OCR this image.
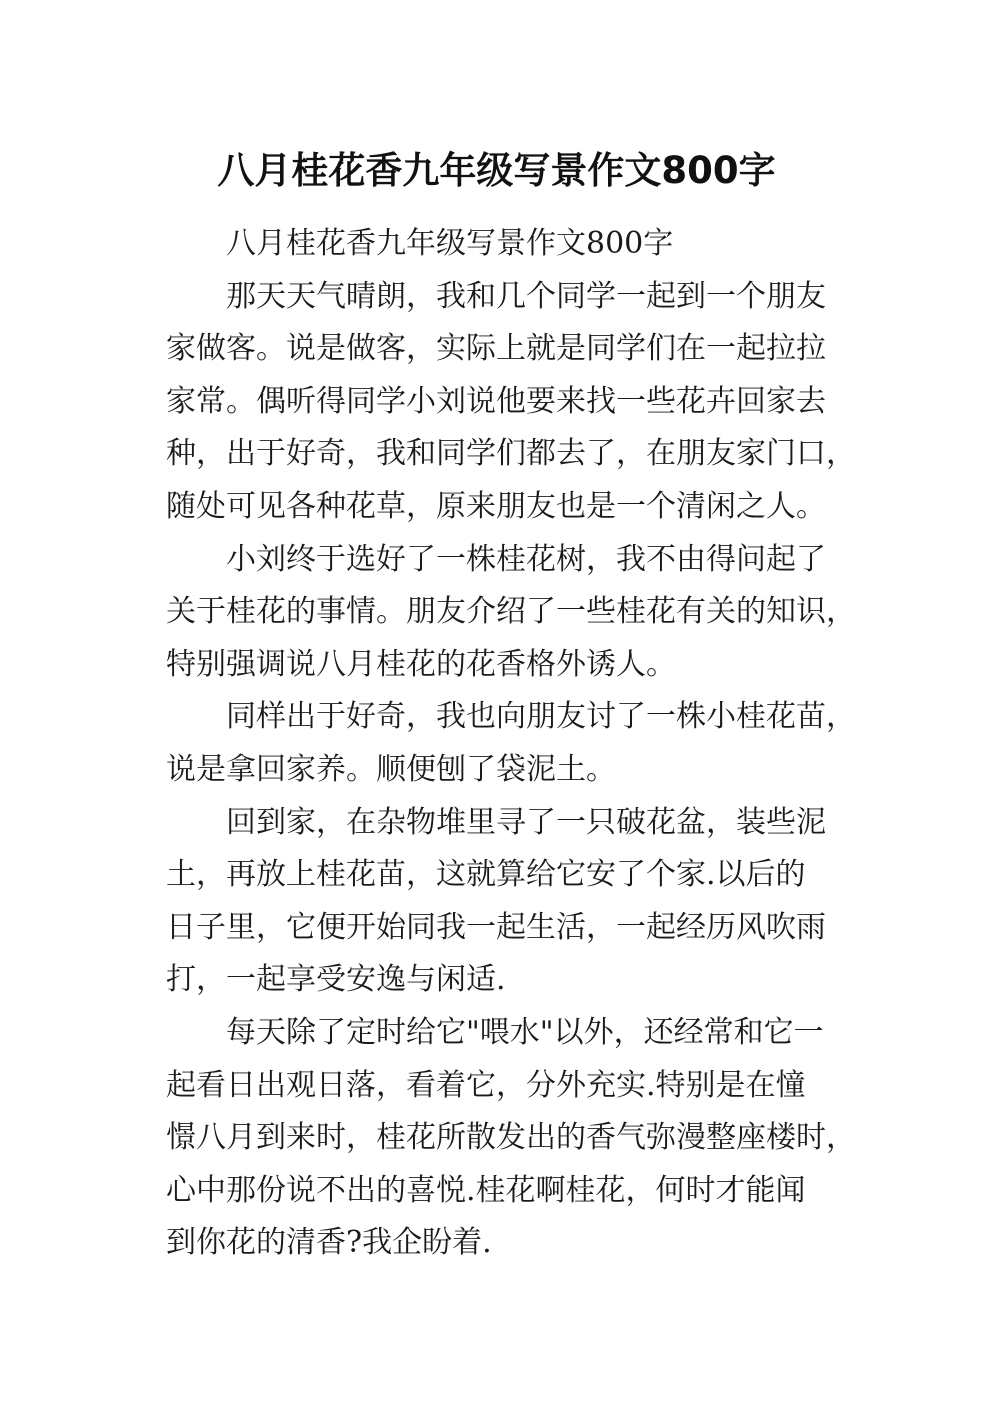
八月桂花香九年级写景作文800字

八月桂花香九年级写景作文800字

那天天气晴朗，我和几个同学一起到一个朋友
家做客。说是做客，实际上就是同学们在一起拉拉
家常。偶听得同学小刘说他要来找一些花卉回家去
种，出于好奇，我和同学们都去了，在朋友家门口，
随处可见各种花草，原来朋友也是一个清闲之人。

小刘终于选好了一株桂花树，我不由得问起了
关于桂花的事情。朋友介绍了一些桂花有关的知识，
特别强调说八月桂花的花香格外诱人。

同样出于好奇，我也向朋友讨了一株小桂花苗，
说是拿回家养。顺便刨了袋泥土。

回到家，在杂物堆里寻了一只破花盆，装些泥
土，再放上桂花苗，这就算给它安了个家.以后的
日子里，它便开始同我一起生活，一起经历风吹雨
打，一起享受安逸与闲适.

每天除了定时给它"喂水"以外，还经常和它一
起看日出观日落，看着它，分外充实.特别是在憧
憬八月到来时，桂花所散发出的香气弥漫整座楼时，
心中那份说不出的喜悦.桂花啊桂花，何时才能闻
到你花的清香?我企盼着.
